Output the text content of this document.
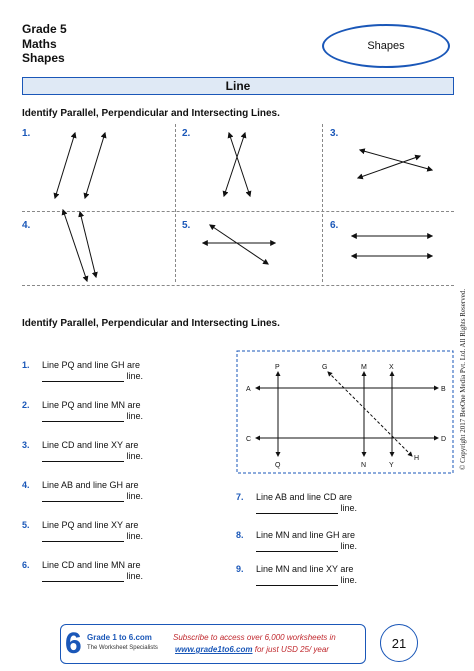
Grade 5
Maths
Shapes
Shapes
Line
Identify Parallel, Perpendicular and Intersecting Lines.
1.	2.	3.
4.	5.	6.
Identify Parallel, Perpendicular and Intersecting Lines.
1. Line PQ and line GH are
line.
2. Line PQ and line MN are
line.
3. Line CD and line XY are
line.
4. Line AB and line GH are
line.
5. Line PQ and line XY are
line.
6. Line CD and line MN are
line.
7. Line AB and line CD are
line.
8. Line MN and line GH are
line.
9. Line MN and line XY are
line.
P
Q
G
H
M
N
X
Y
A	B
C	D © Copyright 2017 BeeOne Media Pvt. Ltd. All Rights Reserved.
6 Grade 1 to 6.com
The Worksheet Specialists
Subscribe to access over 6,000 worksheets in
www.grade1to6.com for just USD 25/ year	21
